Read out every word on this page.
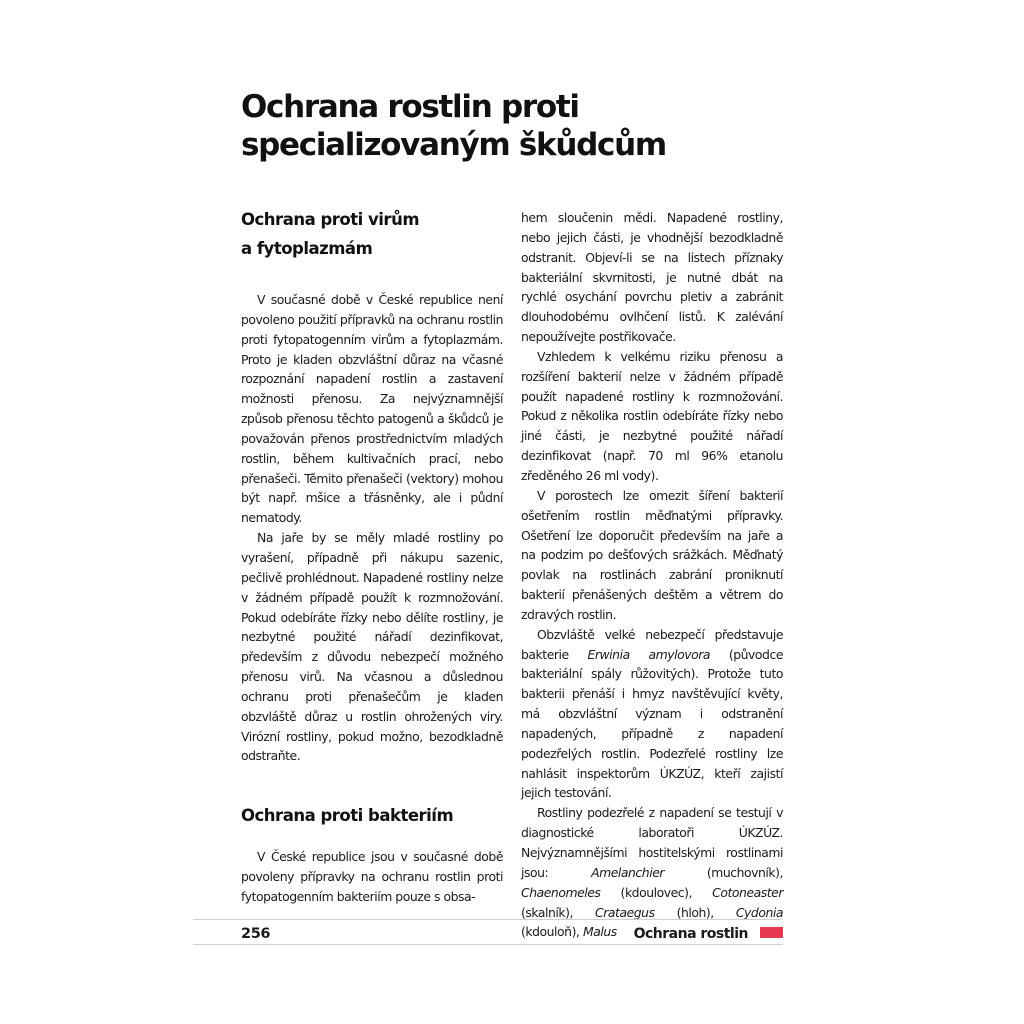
Ochrana rostlin proti specializovaným škůdcům
Ochrana proti virům a fytoplazmám

V současné době v České republice není povoleno použití přípravků na ochranu rostlin proti fytopatogenním virům a fytoplazmám. Proto je kladen obzvláštní důraz na včasné rozpoznání napadení rostlin a zastavení možnosti přenosu. Za nejvýznamnější způsob přenosu těchto patogenů a škůdců je považován přenos prostřednictvím mladých rostlin, během kultivačních prací, nebo přenašeči. Těmito přenašeči (vektory) mohou být např. mšice a třásněnky, ale i půdní nematody.

Na jaře by se měly mladé rostliny po vyrašení, případně při nákupu sazenic, pečlivě prohlédnout. Napadené rostliny nelze v žádném případě použít k rozmnožování. Pokud odebíráte řízky nebo dělíte rostliny, je nezbytné použité nářadí dezinfikovat, především z důvodu nebezpečí možného přenosu virů. Na včasnou a důslednou ochranu proti přenašečům je kladen obzvláště důraz u rostlin ohrožených viry. Virózní rostliny, pokud možno, bezodkladně odstraňte.

Ochrana proti bakteriím

V České republice jsou v současné době povoleny přípravky na ochranu rostlin proti fytopatogenním bakteriím pouze s obsa-

hem sloučenin mědi. Napadené rostliny, nebo jejich části, je vhodnější bezodkladně odstranit. Objeví-li se na listech příznaky bakteriální skvrnitosti, je nutné dbát na rychlé osychání povrchu pletiv a zabránit dlouhodobému ovlhčení listů. K zalévání nepoužívejte postřikovače.

Vzhledem k velkému riziku přenosu a rozšíření bakterií nelze v žádném případě použít napadené rostliny k rozmnožování. Pokud z několika rostlin odebíráte řízky nebo jiné části, je nezbytné použité nářadí dezinfikovat (např. 70 ml 96% etanolu zředěného 26 ml vody).

V porostech lze omezit šíření bakterií ošetřením rostlin měďnatými přípravky. Ošetření lze doporučit především na jaře a na podzim po dešťových srážkách. Měďnatý povlak na rostlinách zabrání proniknutí bakterií přenášených deštěm a větrem do zdravých rostlin.

Obzvláště velké nebezpečí představuje bakterie Erwinia amylovora (původce bakteriální spály růžovitých). Protože tuto bakterii přenáší i hmyz navštěvující květy, má obzvláštní význam i odstranění napadených, případně z napadení podezřelých rostlin. Podezřelé rostliny lze nahlásit inspektorům ÚKZÚZ, kteří zajistí jejich testování.

Rostliny podezřelé z napadení se testují v diagnostické laboratoři ÚKZÚZ. Nejvýznamnějšími hostitelskými rostlinami jsou: Amelanchier (muchovník), Chaenomeles (kdoulovec), Cotoneaster (skalník), Crataegus (hloh), Cydonia (kdouloň), Malus

256	Ochrana rostlin
